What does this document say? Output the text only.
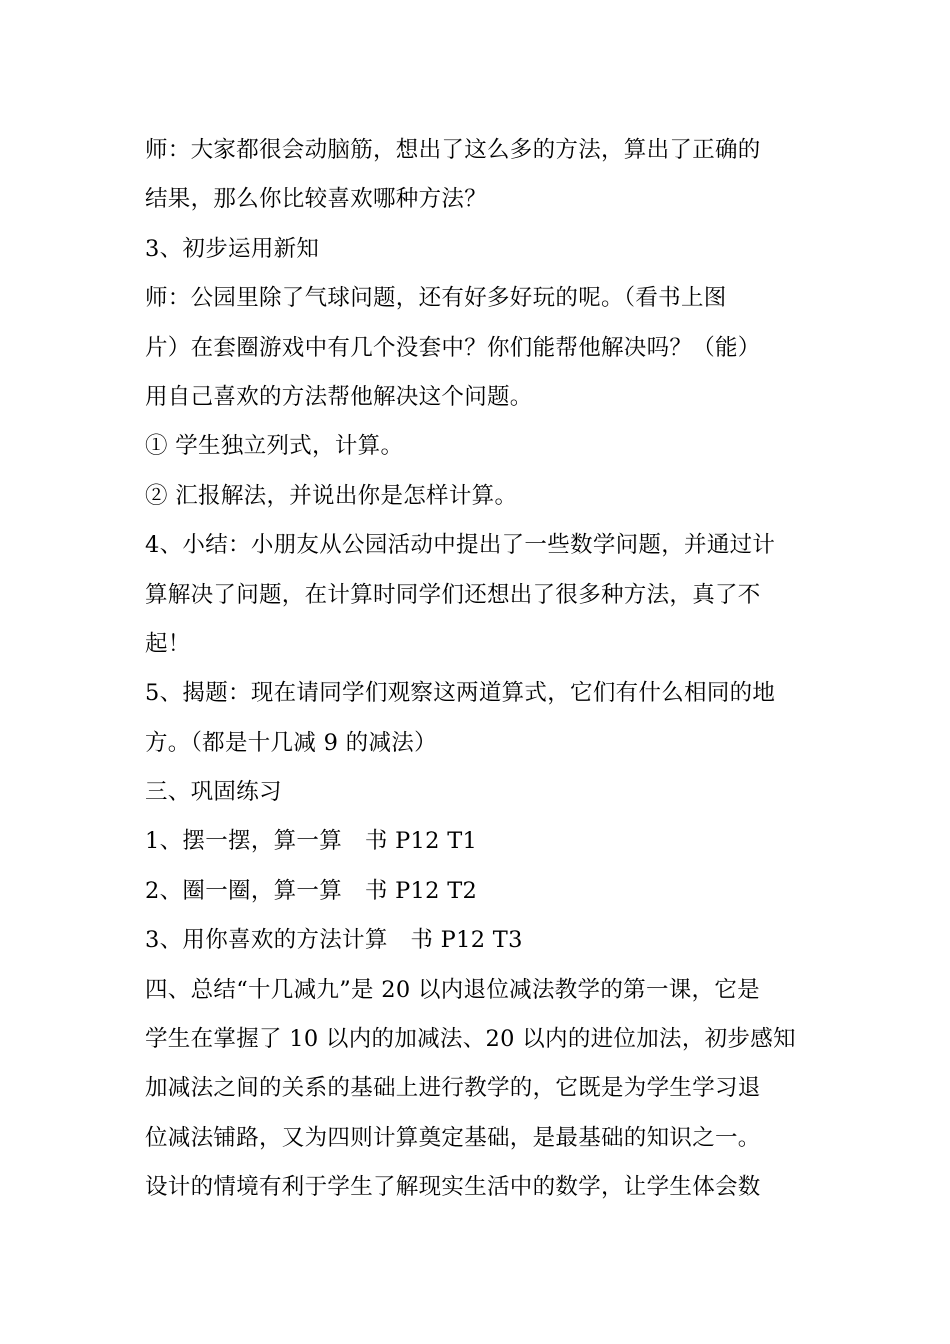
师：大家都很会动脑筋，想出了这么多的方法，算出了正确的
结果，那么你比较喜欢哪种方法？
3、初步运用新知
师：公园里除了气球问题，还有好多好玩的呢。（看书上图
片）在套圈游戏中有几个没套中？你们能帮他解决吗？（能）
用自己喜欢的方法帮他解决这个问题。
① 学生独立列式，计算。
② 汇报解法，并说出你是怎样计算。
4、小结：小朋友从公园活动中提出了一些数学问题，并通过计
算解决了问题，在计算时同学们还想出了很多种方法，真了不
起！
5、揭题：现在请同学们观察这两道算式，它们有什么相同的地
方。（都是十几减 9 的减法）
三、巩固练习
1、摆一摆，算一算　书 P12 T1
2、圈一圈，算一算　书 P12 T2
3、用你喜欢的方法计算　书 P12 T3
四、总结“十几减九”是 20 以内退位减法教学的第一课，它是
学生在掌握了 10 以内的加减法、20 以内的进位加法，初步感知
加减法之间的关系的基础上进行教学的，它既是为学生学习退
位减法铺路，又为四则计算奠定基础，是最基础的知识之一。
设计的情境有利于学生了解现实生活中的数学，让学生体会数
